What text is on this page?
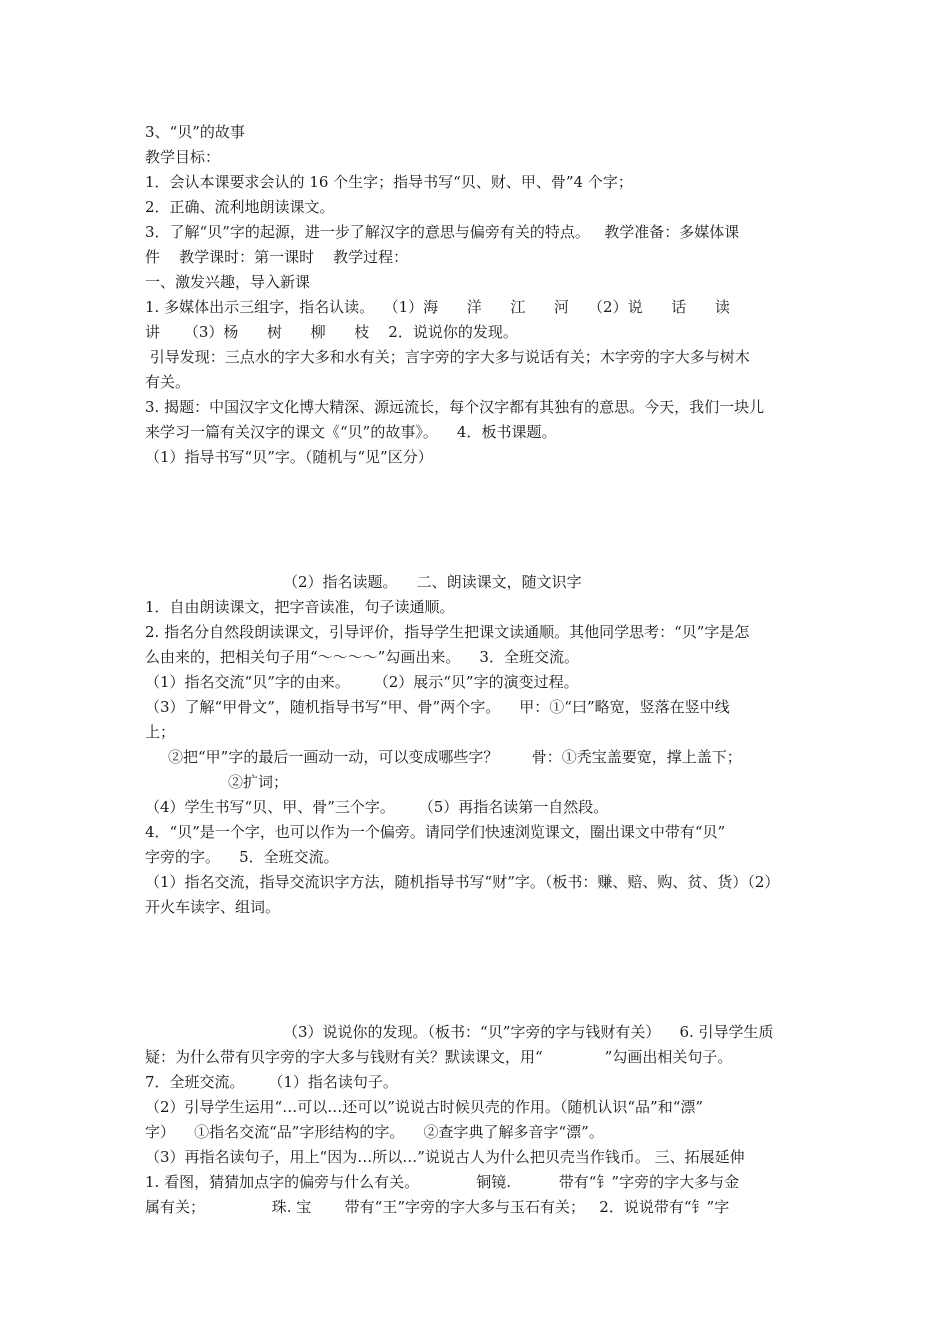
3、“贝”的故事
教学目标：
1．会认本课要求会认的 16 个生字；指导书写“贝、财、甲、骨”4 个字；
2．正确、流利地朗读课文。
3．了解“贝”字的起源，进一步了解汉字的意思与偏旁有关的特点。   教学准备：多媒体课
件    教学课时：第一课时    教学过程：
一、激发兴趣，导入新课
1. 多媒体出示三组字，指名认读。  （1）海      洋      江      河    （2）说      话      读
讲     （3）杨      树      柳      枝    2．说说你的发现。
引导发现：三点水的字大多和水有关；言字旁的字大多与说话有关；木字旁的字大多与树木
有关。
3. 揭题：中国汉字文化博大精深、源远流长，每个汉字都有其独有的意思。今天，我们一块儿
来学习一篇有关汉字的课文《“贝”的故事》。    4．板书课题。
（1）指导书写“贝”字。（随机与“见”区分）
（2）指名读题。    二、朗读课文，随文识字
1．自由朗读课文，把字音读准，句子读通顺。
2. 指名分自然段朗读课文，引导评价，指导学生把课文读通顺。其他同学思考：“贝”字是怎
么由来的，把相关句子用“～～～～”勾画出来。    3．全班交流。
（1）指名交流“贝”字的由来。     （2）展示“贝”字的演变过程。
（3）了解“甲骨文”，随机指导书写“甲、骨”两个字。    甲：①“曰”略宽，竖落在竖中线
上；
②把“甲”字的最后一画动一动，可以变成哪些字？       骨：①秃宝盖要宽，撑上盖下；
②扩词；
（4）学生书写“贝、甲、骨”三个字。     （5）再指名读第一自然段。
4．“贝”是一个字，也可以作为一个偏旁。请同学们快速浏览课文，圈出课文中带有“贝”
字旁的字。    5．全班交流。
（1）指名交流，指导交流识字方法，随机指导书写“财”字。（板书：赚、赔、购、贫、货）（2）
开火车读字、组词。
（3）说说你的发现。（板书：“贝”字旁的字与钱财有关）    6. 引导学生质
疑：为什么带有贝字旁的字大多与钱财有关？默读课文，用“             ”勾画出相关句子。
7．全班交流。     （1）指名读句子。
（2）引导学生运用“…可以…还可以”说说古时候贝壳的作用。（随机认识“品”和“漂”
字）    ①指名交流“品”字形结构的字。    ②查字典了解多音字“漂”。
（3）再指名读句子，用上“因为…所以…”说说古人为什么把贝壳当作钱币。 三、拓展延伸
1. 看图，猜猜加点字的偏旁与什么有关。            铜镜.          带有“钅”字旁的字大多与金
属有关；              珠. 宝       带有“王”字旁的字大多与玉石有关；   2．说说带有“钅”字
